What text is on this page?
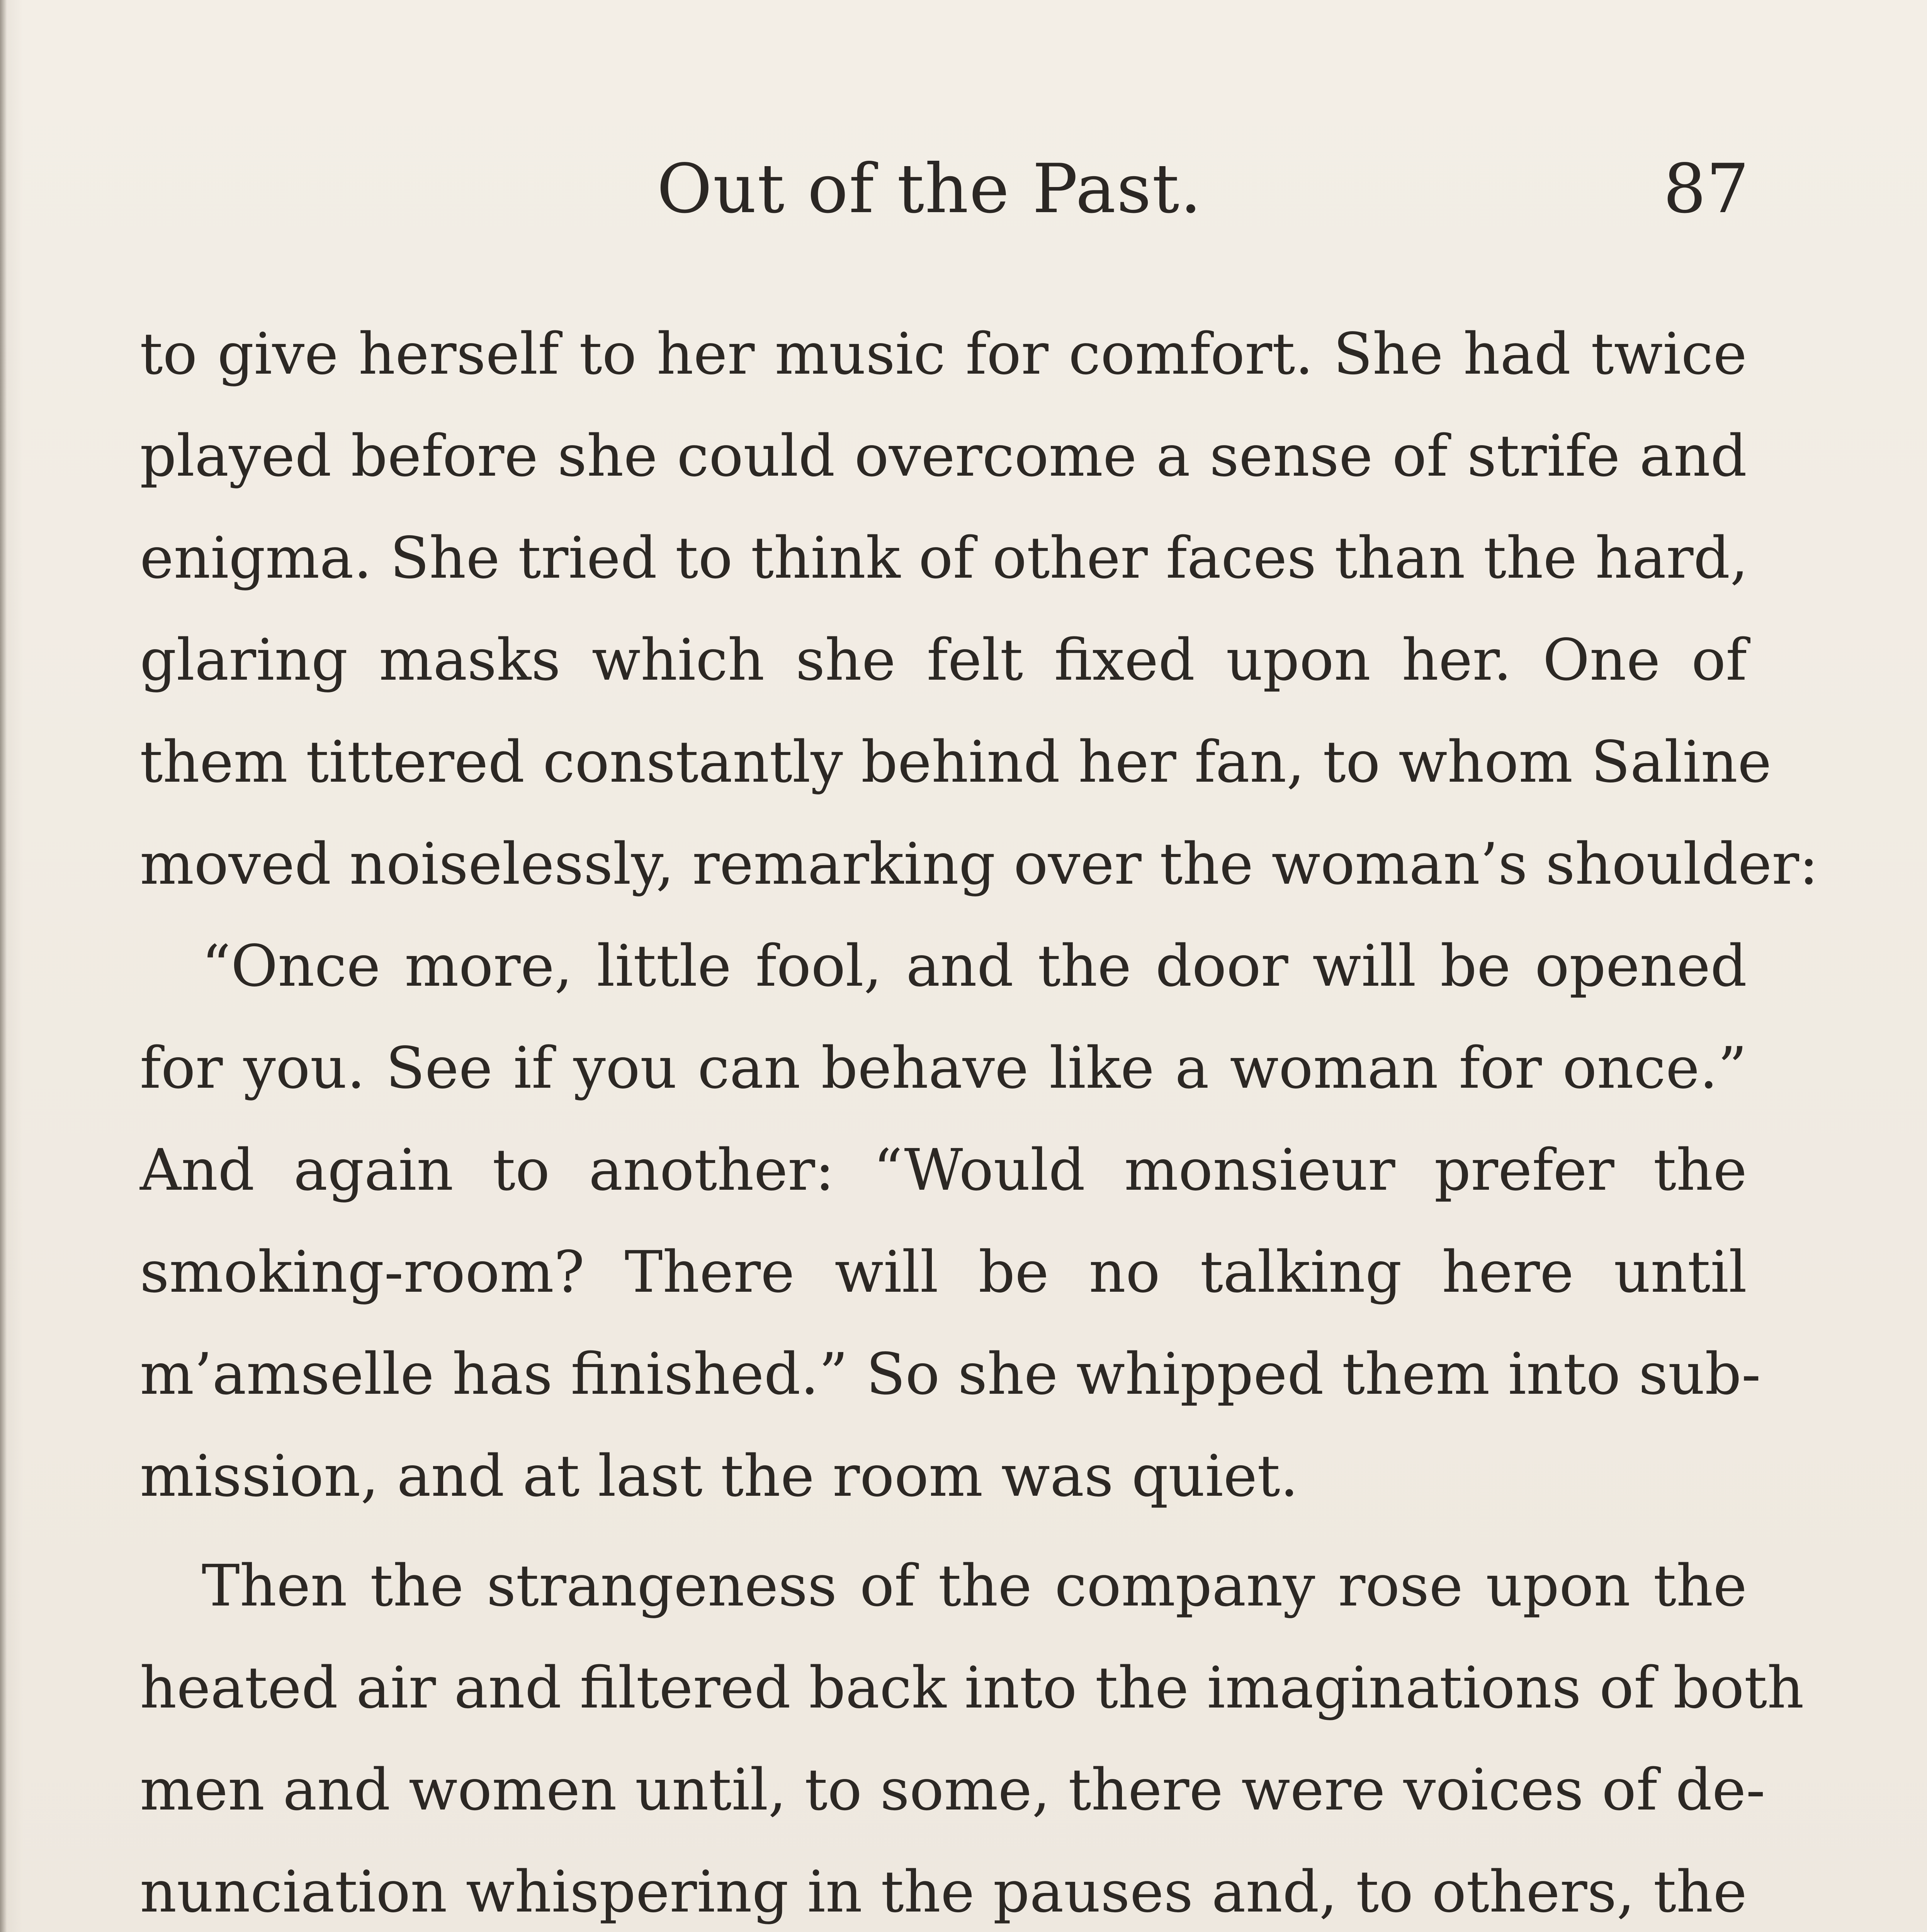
Out of the Past.	87
to give herself to her music for comfort. She had twice
played before she could overcome a sense of strife and
enigma. She tried to think of other faces than the hard,
glaring masks which she felt fixed upon her. One of
them tittered constantly behind her fan, to whom Saline
moved noiselessly, remarking over the woman’s shoulder:
“Once more, little fool, and the door will be opened
for you. See if you can behave like a woman for once.”
And again to another: “Would monsieur prefer the
smoking-room? There will be no talking here until
m’amselle has finished.” So she whipped them into sub-
mission, and at last the room was quiet.
Then the strangeness of the company rose upon the
heated air and filtered back into the imaginations of both
men and women until, to some, there were voices of de-
nunciation whispering in the pauses and, to others, the
